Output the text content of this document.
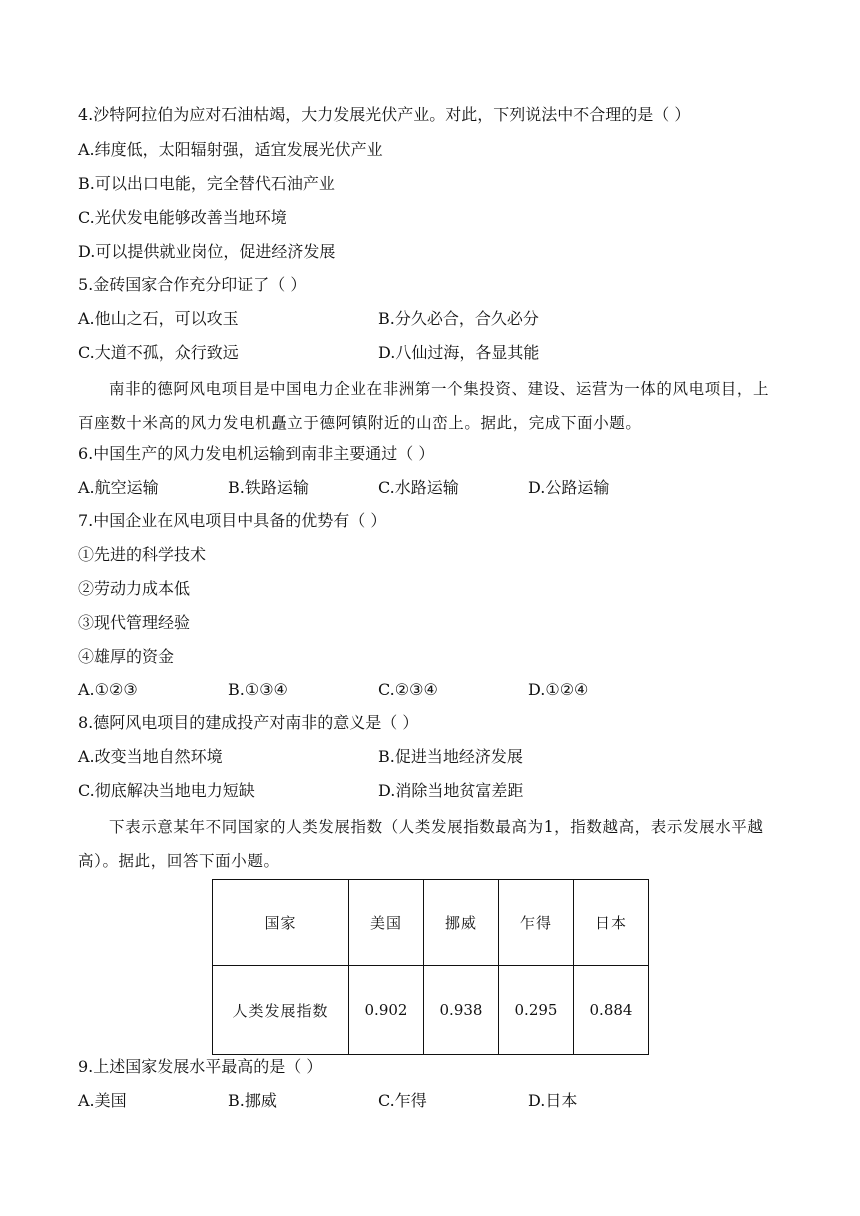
4.沙特阿拉伯为应对石油枯竭，大力发展光伏产业。对此，下列说法中不合理的是（ ）
A.纬度低，太阳辐射强，适宜发展光伏产业
B.可以出口电能，完全替代石油产业
C.光伏发电能够改善当地环境
D.可以提供就业岗位，促进经济发展
5.金砖国家合作充分印证了（ ）
A.他山之石，可以攻玉	B.分久必合，合久必分
C.大道不孤，众行致远	D.八仙过海，各显其能
南非的德阿风电项目是中国电力企业在非洲第一个集投资、建设、运营为一体的风电项目，上百座数十米高的风力发电机矗立于德阿镇附近的山峦上。据此，完成下面小题。
6.中国生产的风力发电机运输到南非主要通过（ ）
A.航空运输	B.铁路运输	C.水路运输	D.公路运输
7.中国企业在风电项目中具备的优势有（ ）
①先进的科学技术
②劳动力成本低
③现代管理经验
④雄厚的资金
A.①②③	B.①③④	C.②③④	D.①②④
8.德阿风电项目的建成投产对南非的意义是（ ）
A.改变当地自然环境	B.促进当地经济发展
C.彻底解决当地电力短缺	D.消除当地贫富差距
下表示意某年不同国家的人类发展指数（人类发展指数最高为1，指数越高，表示发展水平越高）。据此，回答下面小题。
国家	美国	挪威	乍得	日本
人类发展指数	0.902	0.938	0.295	0.884
9.上述国家发展水平最高的是（ ）
A.美国	B.挪威	C.乍得	D.日本
